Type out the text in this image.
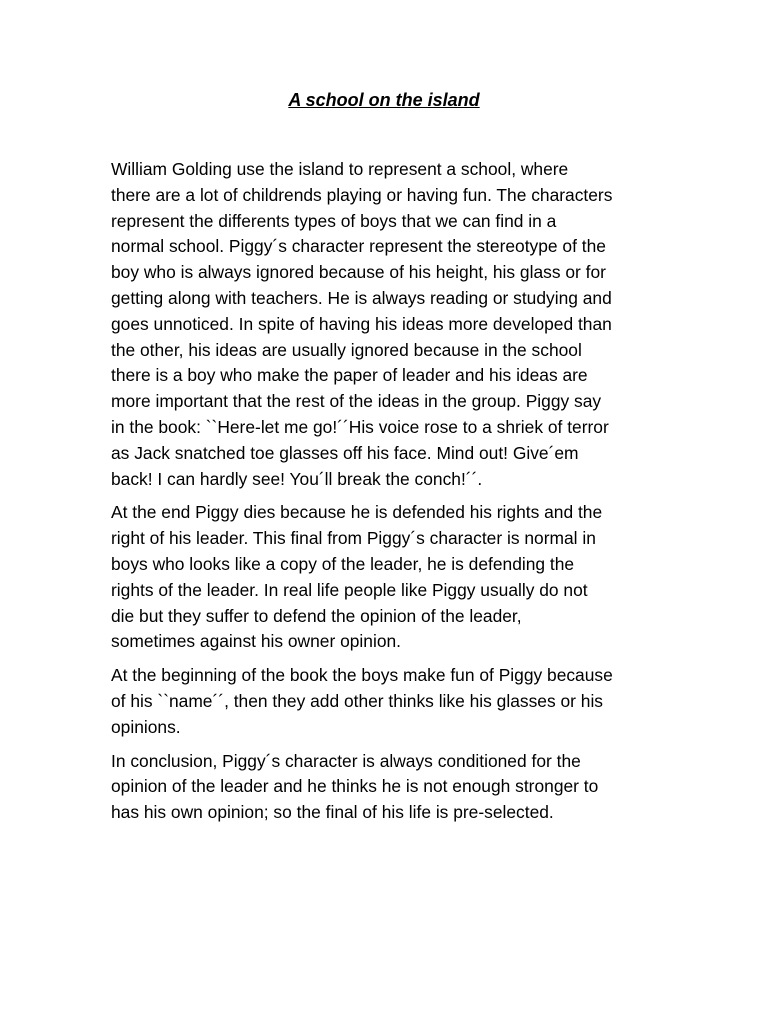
A school on the island

William Golding use the island to represent a school, where
there are a lot of childrends playing or having fun. The characters
represent the differents types of boys that we can find in a
normal school. Piggy´s character represent the stereotype of the
boy who is always ignored because of his height, his glass or for
getting along with teachers. He is always reading or studying and
goes unnoticed. In spite of having his ideas more developed than
the other, his ideas are usually ignored because in the school
there is a boy who make the paper of leader and his ideas are
more important that the rest of the ideas in the group. Piggy say
in the book: ``Here-let me go!´´His voice rose to a shriek of terror
as Jack snatched toe glasses off his face. Mind out! Give´em
back! I can hardly see! You´ll break the conch!´´.

At the end Piggy dies because he is defended his rights and the
right of his leader. This final from Piggy´s character is normal in
boys who looks like a copy of the leader, he is defending the
rights of the leader. In real life people like Piggy usually do not
die but they suffer to defend the opinion of the leader,
sometimes against his owner opinion.

At the beginning of the book the boys make fun of Piggy because
of his ``name´´, then they add other thinks like his glasses or his
opinions.

In conclusion, Piggy´s character is always conditioned for the
opinion of the leader and he thinks he is not enough stronger to
has his own opinion; so the final of his life is pre-selected.
